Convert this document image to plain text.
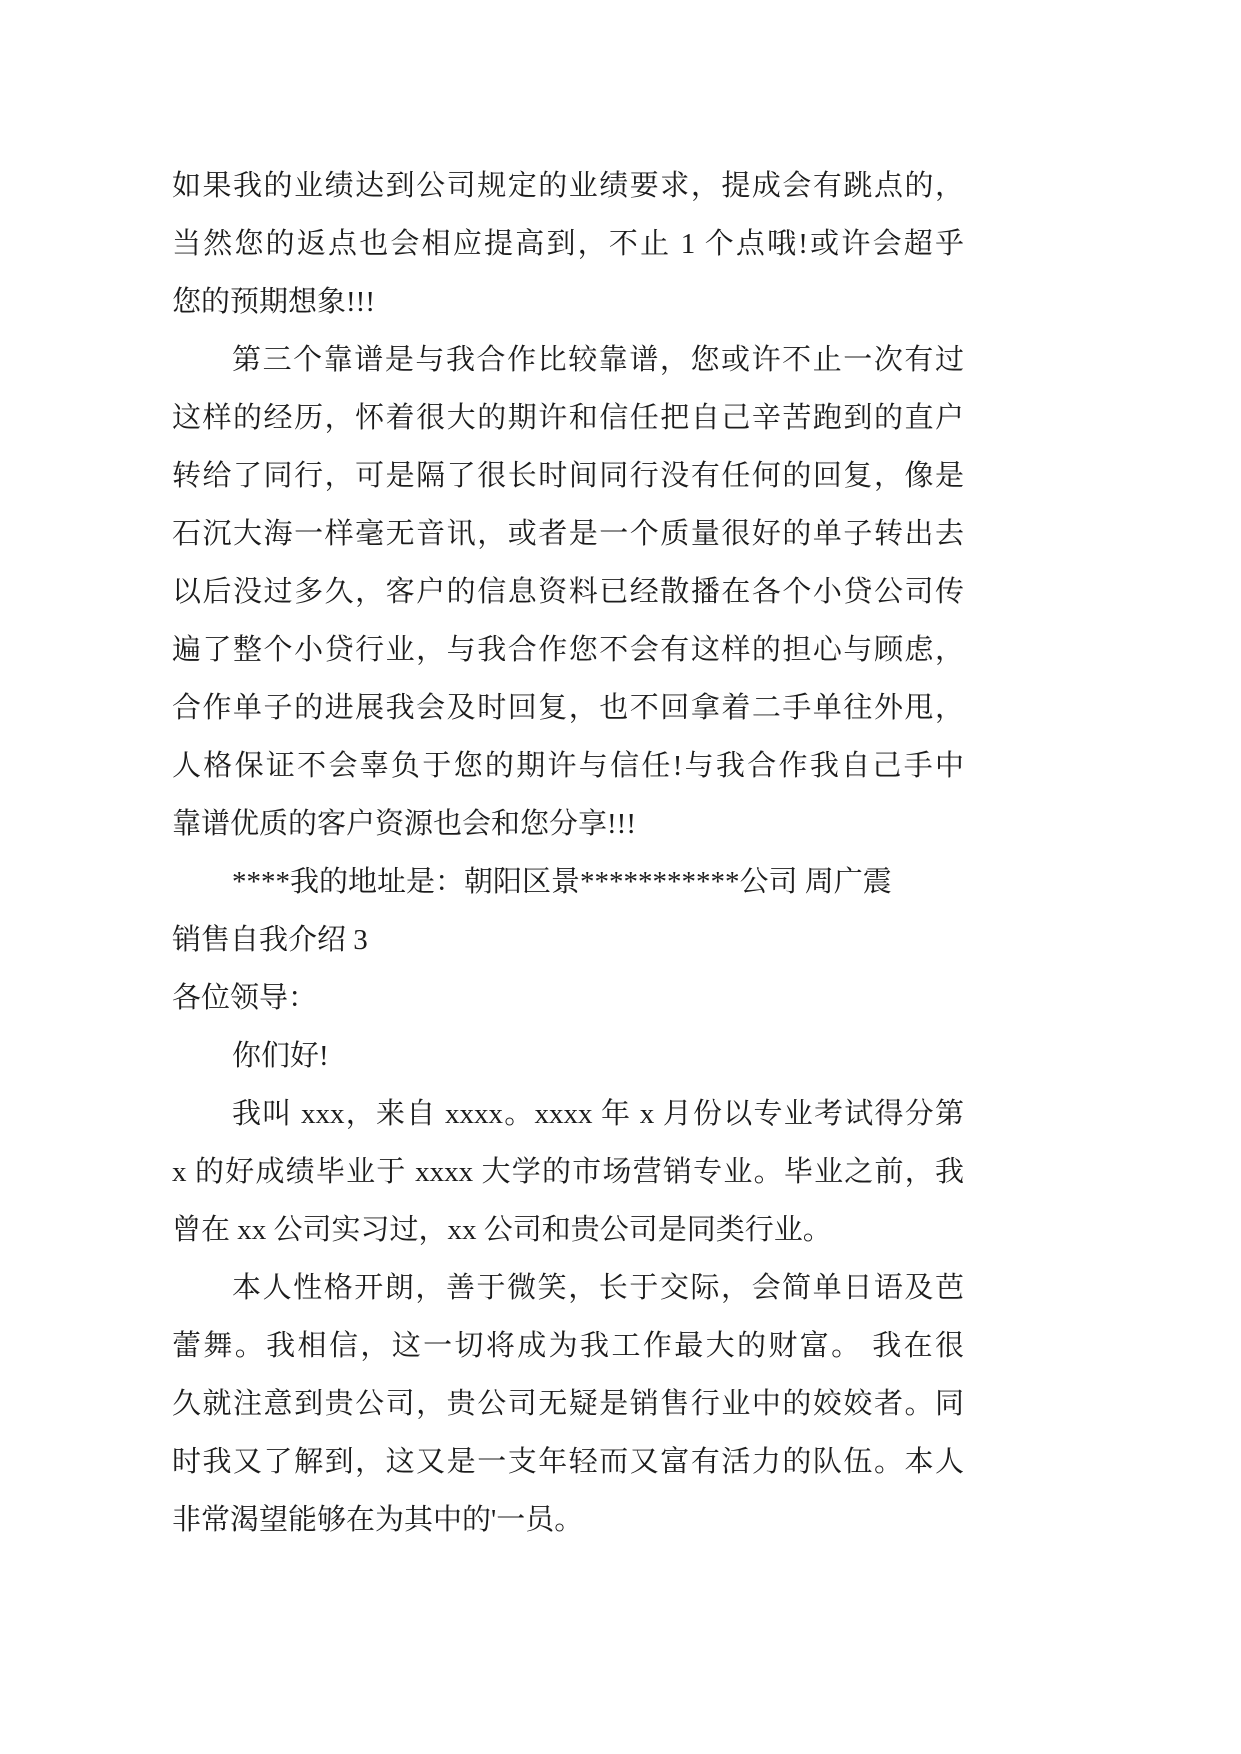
如果我的业绩达到公司规定的业绩要求，提成会有跳点的，
当然您的返点也会相应提高到，不止 1 个点哦!或许会超乎
您的预期想象!!!
第三个靠谱是与我合作比较靠谱，您或许不止一次有过
这样的经历，怀着很大的期许和信任把自己辛苦跑到的直户
转给了同行，可是隔了很长时间同行没有任何的回复，像是
石沉大海一样毫无音讯，或者是一个质量很好的单子转出去
以后没过多久，客户的信息资料已经散播在各个小贷公司传
遍了整个小贷行业，与我合作您不会有这样的担心与顾虑，
合作单子的进展我会及时回复，也不回拿着二手单往外甩，
人格保证不会辜负于您的期许与信任!与我合作我自己手中
靠谱优质的客户资源也会和您分享!!!
****我的地址是：朝阳区景***********公司 周广震
销售自我介绍 3
各位领导：
你们好!
我叫 xxx，来自 xxxx。xxxx 年 x 月份以专业考试得分第
x 的好成绩毕业于 xxxx 大学的市场营销专业。毕业之前，我
曾在 xx 公司实习过，xx 公司和贵公司是同类行业。
本人性格开朗，善于微笑，长于交际，会简单日语及芭
蕾舞。我相信，这一切将成为我工作最大的财富。 我在很
久就注意到贵公司，贵公司无疑是销售行业中的姣姣者。同
时我又了解到，这又是一支年轻而又富有活力的队伍。本人
非常渴望能够在为其中的'一员。
